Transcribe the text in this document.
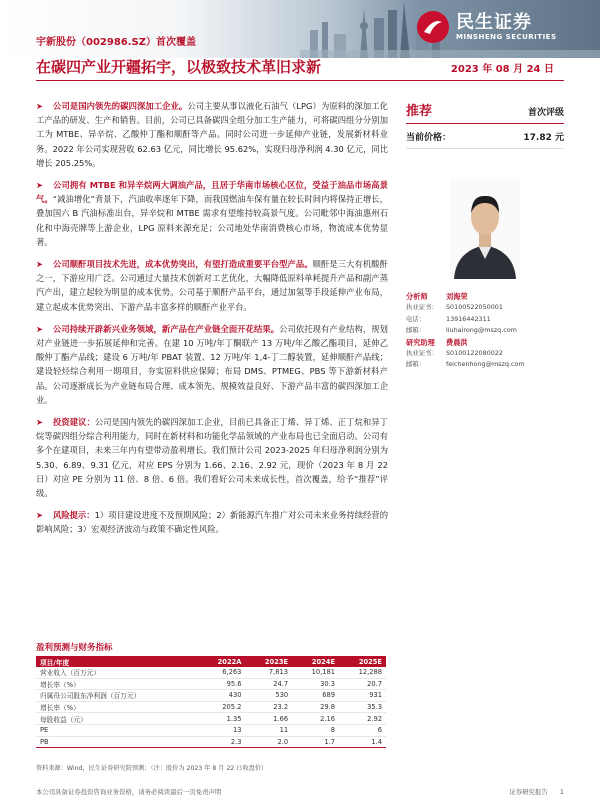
民生证券
MINSHENG SECURITIES
宇新股份（002986.SZ）首次覆盖
在碳四产业开疆拓宇，以极致技术革旧求新	2023 年 08 月 24 日

➤ 公司是国内领先的碳四深加工企业。公司主要从事以液化石油气（LPG）为原料的深加工化工产品的研发、生产和销售。目前，公司已具备碳四全组分加工生产能力，可将碳四组分分别加工为 MTBE、异辛烷、乙酸仲丁酯和顺酐等产品。同时公司进一步延伸产业链，发展新材料业务。2022 年公司实现营收 62.63 亿元，同比增长 95.62%，实现归母净利润 4.30 亿元，同比增长 205.25%。

➤ 公司拥有 MTBE 和异辛烷两大调油产品，且居于华南市场核心区位，受益于油品市场高景气。“减油增化”背景下，汽油收率逐年下降，而我国燃油车保有量在较长时间内将保持正增长，叠加国六 B 汽油标准出台，异辛烷和 MTBE 需求有望维持较高景气度。公司毗邻中海油惠州石化和中海壳牌等上游企业，LPG 原料来源充足；公司地处华南消费核心市场，物流成本优势显著。

➤ 公司顺酐项目技术先进，成本优势突出，有望打造成重要平台型产品。顺酐是三大有机酸酐之一，下游应用广泛。公司通过大量技术创新对工艺优化，大幅降低原料单耗提升产品和副产蒸汽产出，建立起较为明显的成本优势。公司基于顺酐产品平台，通过加氢等手段延伸产业布局，建立起成本优势突出、下游产品丰富多样的顺酐产业平台。

➤ 公司持续开辟新兴业务领域，新产品在产业链全面开花结果。公司依托现有产业结构，规划对产业链进一步拓展延伸和完善。在建 10 万吨/年丁酮联产 13 万吨/年乙酸乙酯项目，延伸乙酸仲丁酯产品线；建设 6 万吨/年 PBAT 装置、12 万吨/年 1,4-丁二醇装置，延伸顺酐产品线；建设轻烃综合利用一期项目，夯实原料供应保障；布局 DMS、PTMEG、PBS 等下游新材料产品。公司逐渐成长为产业链布局合理、成本领先、规模效益良好、下游产品丰富的碳四深加工企业。

➤ 投资建议：公司是国内领先的碳四深加工企业，目前已具备正丁烯、异丁烯、正丁烷和异丁烷等碳四组分综合利用能力，同时在新材料和功能化学品领域的产业布局也已全面启动。公司有多个在建项目，未来三年内有望带动盈利增长。我们预计公司 2023-2025 年归母净利润分别为 5.30、6.89、9.31 亿元，对应 EPS 分别为 1.66、2.16、2.92 元，现价（2023 年 8 月 22 日）对应 PE 分别为 11 倍、8 倍、6 倍。我们看好公司未来成长性，首次覆盖，给予“推荐”评级。

➤ 风险提示：1）项目建设进度不及预期风险；2）新能源汽车推广对公司未来业务持续经营的影响风险；3）宏观经济波动与政策不确定性风险。

推荐	首次评级
当前价格：	17.82 元
分析师	刘海荣
执业证书：	S0100522050001
电话：	13916442311
邮箱：	liuhairong@mszq.com
研究助理	费晨洪
执业证书：	S0100122080022
邮箱：	feichenhong@mszq.com
盈利预测与财务指标
项目/年度	2022A	2023E	2024E	2025E
营业收入（百万元）	6,263	7,813	10,181	12,288
增长率（%）	95.6	24.7	30.3	20.7
归属母公司股东净利润（百万元）	430	530	689	931
增长率（%）	205.2	23.2	29.8	35.3
每股收益（元）	1.35	1.66	2.16	2.92
PE	13	11	8	6
PB	2.3	2.0	1.7	1.4
资料来源：Wind，民生证券研究院预测；（注：股价为 2023 年 8 月 22 日收盘价）
本公司具备证券投资咨询业务资格，请务必阅读最后一页免责声明	证券研究报告 1
